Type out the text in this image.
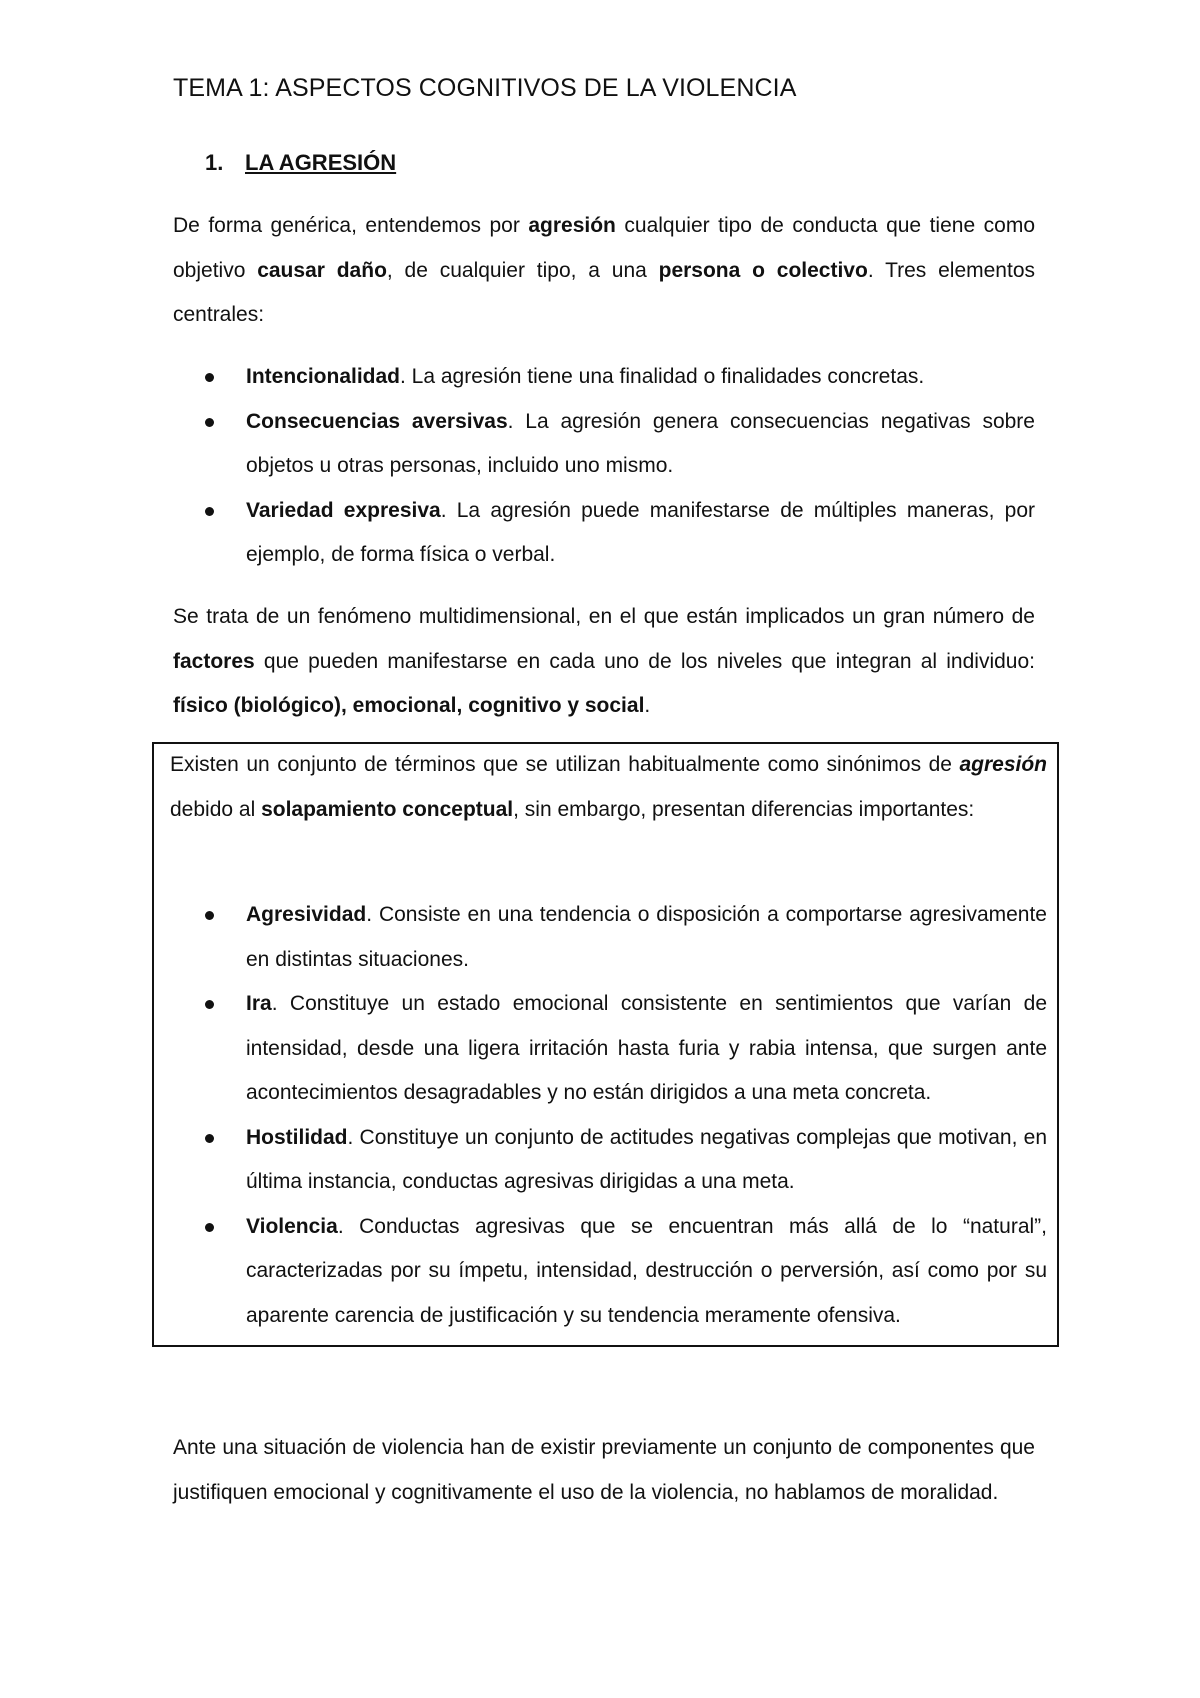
TEMA 1: ASPECTOS COGNITIVOS DE LA VIOLENCIA
1. LA AGRESIÓN

De forma genérica, entendemos por agresión cualquier tipo de conducta que tiene como objetivo causar daño, de cualquier tipo, a una persona o colectivo. Tres elementos centrales:

Intencionalidad. La agresión tiene una finalidad o finalidades concretas.
Consecuencias aversivas. La agresión genera consecuencias negativas sobre objetos u otras personas, incluido uno mismo.
Variedad expresiva. La agresión puede manifestarse de múltiples maneras, por ejemplo, de forma física o verbal.

Se trata de un fenómeno multidimensional, en el que están implicados un gran número de factores que pueden manifestarse en cada uno de los niveles que integran al individuo: físico (biológico), emocional, cognitivo y social.

Existen un conjunto de términos que se utilizan habitualmente como sinónimos de agresión debido al solapamiento conceptual, sin embargo, presentan diferencias importantes:

Agresividad. Consiste en una tendencia o disposición a comportarse agresivamente en distintas situaciones.
Ira. Constituye un estado emocional consistente en sentimientos que varían de intensidad, desde una ligera irritación hasta furia y rabia intensa, que surgen ante acontecimientos desagradables y no están dirigidos a una meta concreta.
Hostilidad. Constituye un conjunto de actitudes negativas complejas que motivan, en última instancia, conductas agresivas dirigidas a una meta.
Violencia. Conductas agresivas que se encuentran más allá de lo “natural”, caracterizadas por su ímpetu, intensidad, destrucción o perversión, así como por su aparente carencia de justificación y su tendencia meramente ofensiva.

Ante una situación de violencia han de existir previamente un conjunto de componentes que justifiquen emocional y cognitivamente el uso de la violencia, no hablamos de moralidad.
